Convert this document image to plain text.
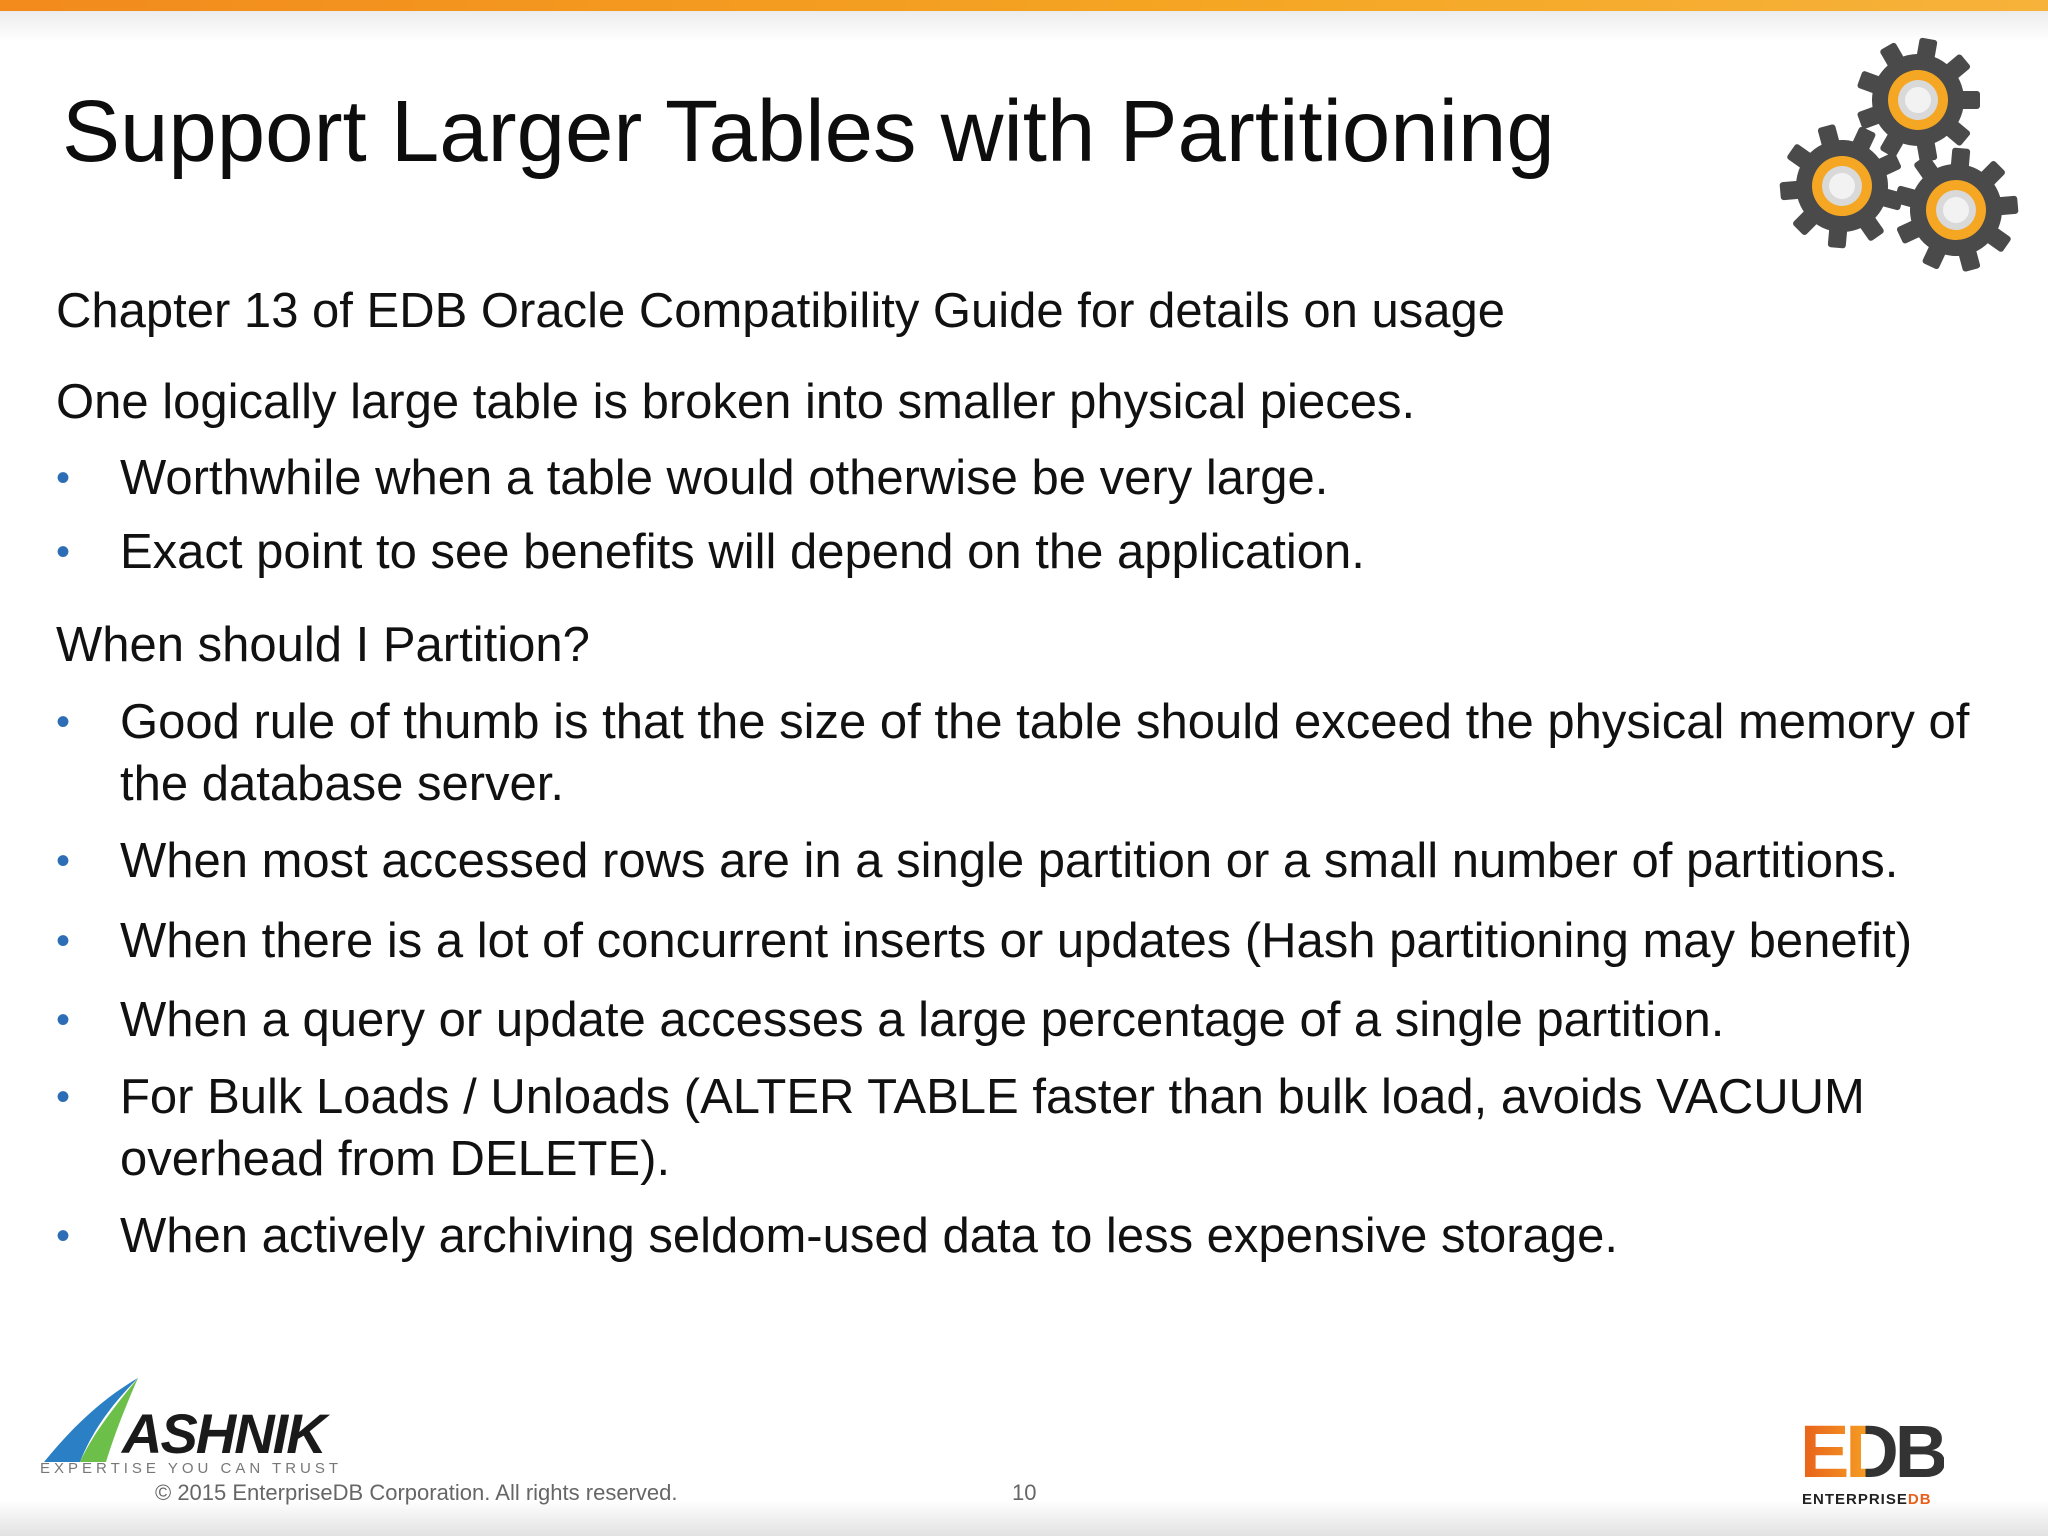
Support Larger Tables with Partitioning

Chapter 13 of EDB Oracle Compatibility Guide for details on usage

One logically large table is broken into smaller physical pieces.

• Worthwhile when a table would otherwise be very large.
• Exact point to see benefits will depend on the application.

When should I Partition?

• Good rule of thumb is that the size of the table should exceed the physical memory of the database server.
• When most accessed rows are in a single partition or a small number of partitions.
• When there is a lot of concurrent inserts or updates (Hash partitioning may benefit)
• When a query or update accesses a large percentage of a single partition.
• For Bulk Loads / Unloads (ALTER TABLE faster than bulk load, avoids VACUUM overhead from DELETE).
• When actively archiving seldom-used data to less expensive storage.
ASHNIK
EXPERTISE YOU CAN TRUST
© 2015 EnterpriseDB Corporation. All rights reserved.	10	EDB
ENTERPRISEDB
